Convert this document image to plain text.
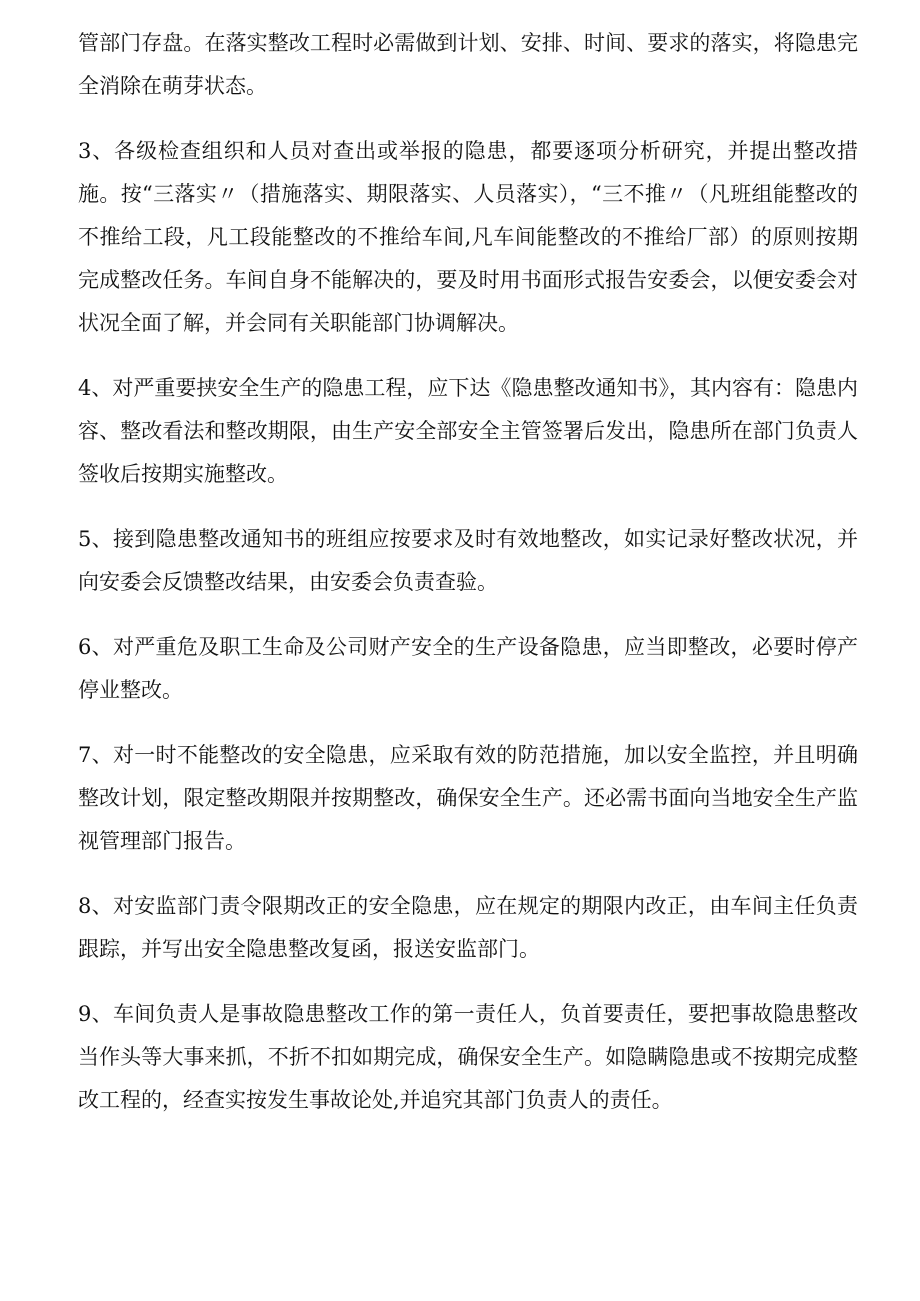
管部门存盘。在落实整改工程时必需做到计划、安排、时间、要求的落实，将隐患完全消除在萌芽状态。

3、各级检查组织和人员对查出或举报的隐患，都要逐项分析研究，并提出整改措施。按“三落实〃（措施落实、期限落实、人员落实），“三不推〃（凡班组能整改的不推给工段，凡工段能整改的不推给车间,凡车间能整改的不推给厂部）的原则按期完成整改任务。车间自身不能解决的，要及时用书面形式报告安委会，以便安委会对状况全面了解，并会同有关职能部门协调解决。

4、对严重要挟安全生产的隐患工程，应下达《隐患整改通知书》，其内容有：隐患内容、整改看法和整改期限，由生产安全部安全主管签署后发出，隐患所在部门负责人签收后按期实施整改。

5、接到隐患整改通知书的班组应按要求及时有效地整改，如实记录好整改状况，并向安委会反馈整改结果，由安委会负责查验。

6、对严重危及职工生命及公司财产安全的生产设备隐患，应当即整改，必要时停产停业整改。

7、对一时不能整改的安全隐患，应采取有效的防范措施，加以安全监控，并且明确整改计划，限定整改期限并按期整改，确保安全生产。还必需书面向当地安全生产监视管理部门报告。

8、对安监部门责令限期改正的安全隐患，应在规定的期限内改正，由车间主任负责跟踪，并写出安全隐患整改复函，报送安监部门。

9、车间负责人是事故隐患整改工作的第一责任人，负首要责任，要把事故隐患整改当作头等大事来抓，不折不扣如期完成，确保安全生产。如隐瞒隐患或不按期完成整改工程的，经查实按发生事故论处,并追究其部门负责人的责任。
